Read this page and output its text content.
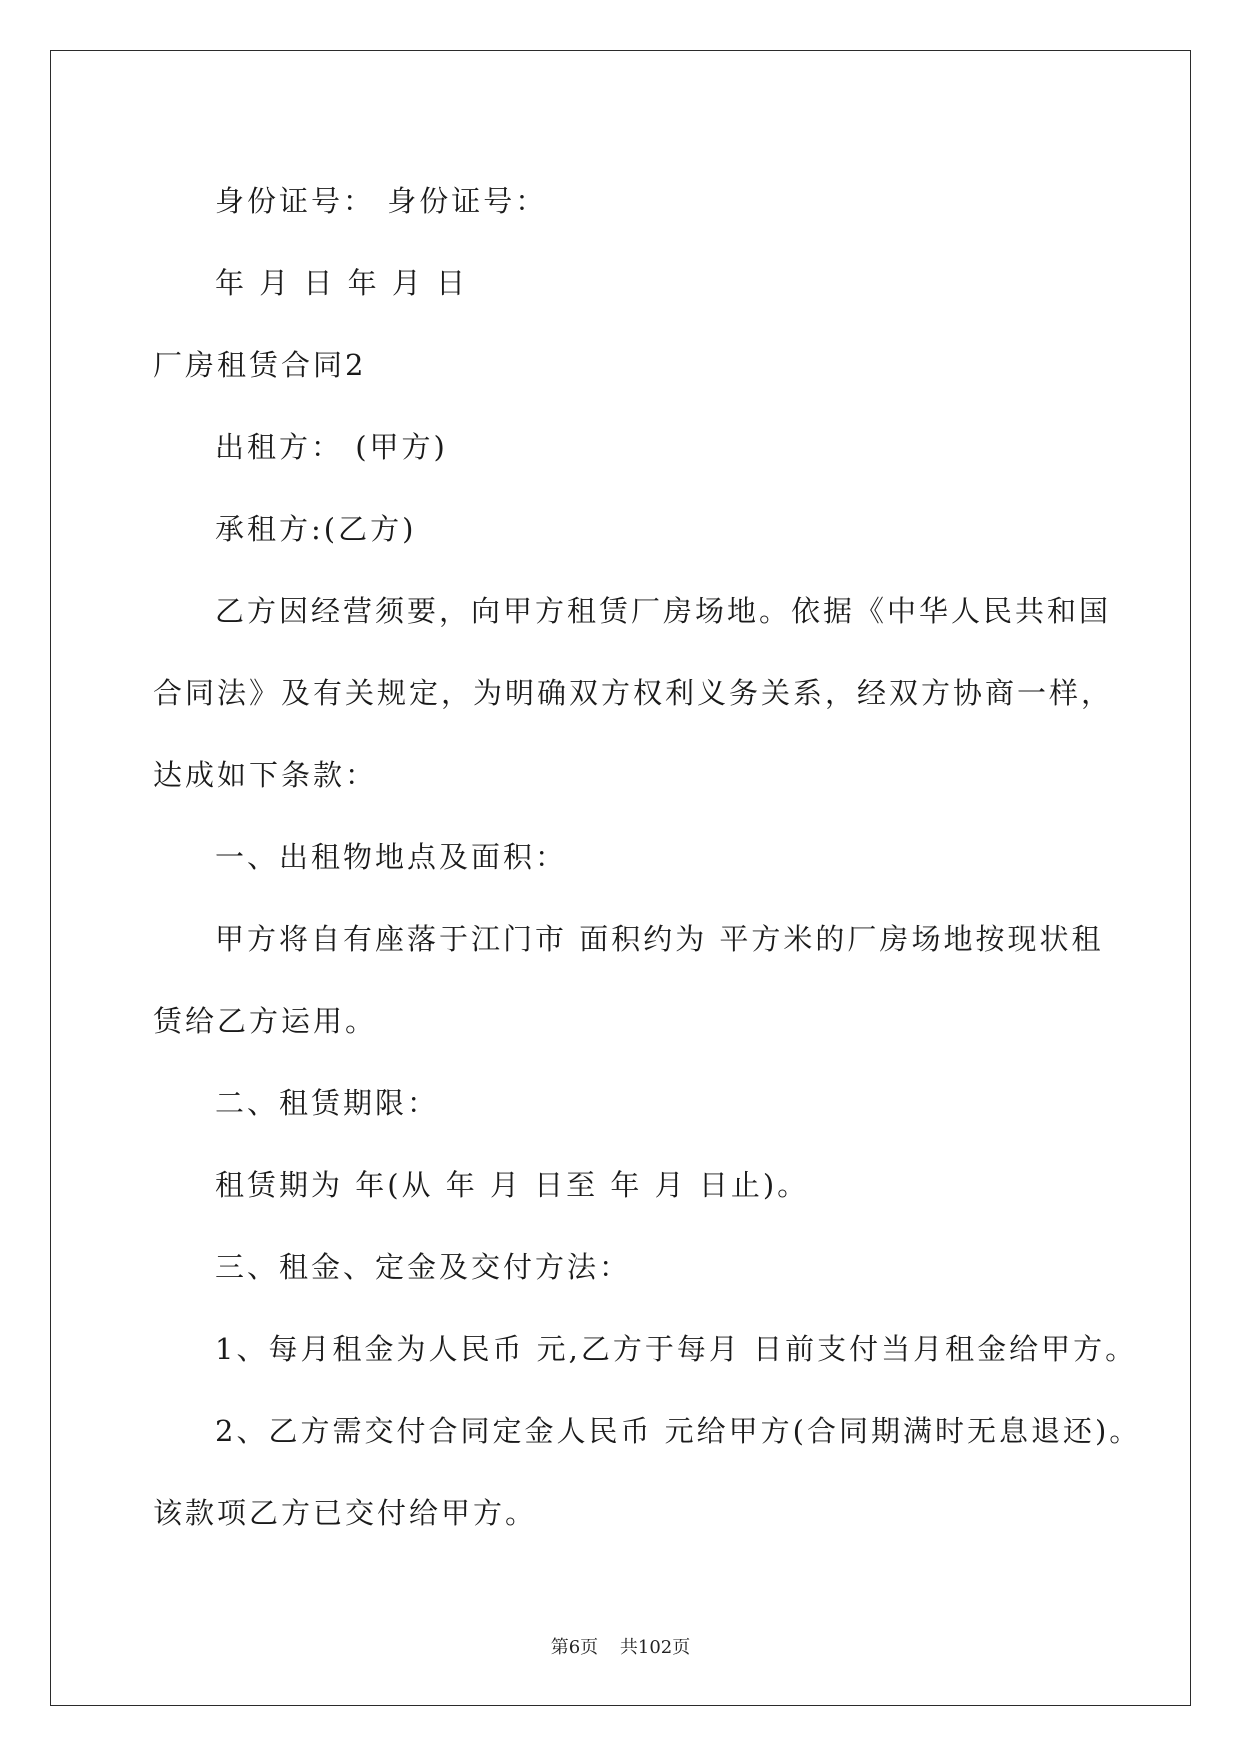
身份证号： 身份证号：

年 月 日 年 月 日

厂房租赁合同2

出租方： (甲方)

承租方:(乙方)

乙方因经营须要，向甲方租赁厂房场地。依据《中华人民共和国

合同法》及有关规定，为明确双方权利义务关系，经双方协商一样，

达成如下条款：

一、出租物地点及面积：

甲方将自有座落于江门市 面积约为 平方米的厂房场地按现状租

赁给乙方运用。

二、租赁期限：

租赁期为 年(从 年 月 日至 年 月 日止)。

三、租金、定金及交付方法：

1、每月租金为人民币 元,乙方于每月 日前支付当月租金给甲方。

2、乙方需交付合同定金人民币 元给甲方(合同期满时无息退还)。

该款项乙方已交付给甲方。

第6页 共102页
